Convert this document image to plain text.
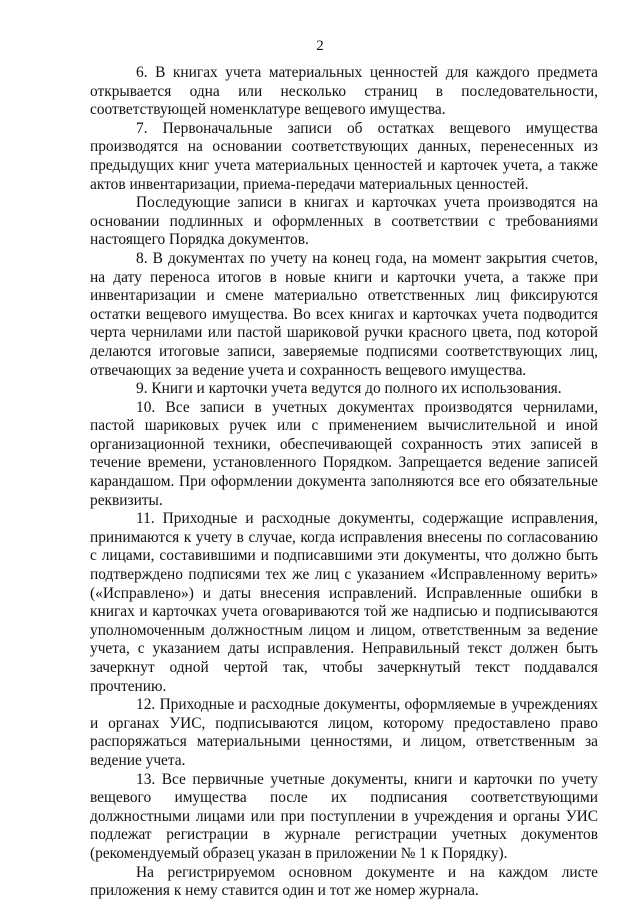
2

6. В книгах учета материальных ценностей для каждого предмета открывается одна или несколько страниц в последовательности, соответствующей номенклатуре вещевого имущества.

7. Первоначальные записи об остатках вещевого имущества производятся на основании соответствующих данных, перенесенных из предыдущих книг учета материальных ценностей и карточек учета, а также актов инвентаризации, приема-передачи материальных ценностей.

Последующие записи в книгах и карточках учета производятся на основании подлинных и оформленных в соответствии с требованиями настоящего Порядка документов.

8. В документах по учету на конец года, на момент закрытия счетов, на дату переноса итогов в новые книги и карточки учета, а также при инвентаризации и смене материально ответственных лиц фиксируются остатки вещевого имущества. Во всех книгах и карточках учета подводится черта чернилами или пастой шариковой ручки красного цвета, под которой делаются итоговые записи, заверяемые подписями соответствующих лиц, отвечающих за ведение учета и сохранность вещевого имущества.

9. Книги и карточки учета ведутся до полного их использования.

10. Все записи в учетных документах производятся чернилами, пастой шариковых ручек или с применением вычислительной и иной организационной техники, обеспечивающей сохранность этих записей в течение времени, установленного Порядком. Запрещается ведение записей карандашом. При оформлении документа заполняются все его обязательные реквизиты.

11. Приходные и расходные документы, содержащие исправления, принимаются к учету в случае, когда исправления внесены по согласованию с лицами, составившими и подписавшими эти документы, что должно быть подтверждено подписями тех же лиц с указанием «Исправленному верить» («Исправлено») и даты внесения исправлений. Исправленные ошибки в книгах и карточках учета оговариваются той же надписью и подписываются уполномоченным должностным лицом и лицом, ответственным за ведение учета, с указанием даты исправления. Неправильный текст должен быть зачеркнут одной чертой так, чтобы зачеркнутый текст поддавался прочтению.

12. Приходные и расходные документы, оформляемые в учреждениях и органах УИС, подписываются лицом, которому предоставлено право распоряжаться материальными ценностями, и лицом, ответственным за ведение учета.

13. Все первичные учетные документы, книги и карточки по учету вещевого имущества после их подписания соответствующими должностными лицами или при поступлении в учреждения и органы УИС подлежат регистрации в журнале регистрации учетных документов (рекомендуемый образец указан в приложении № 1 к Порядку).

На регистрируемом основном документе и на каждом листе приложения к нему ставится один и тот же номер журнала.
